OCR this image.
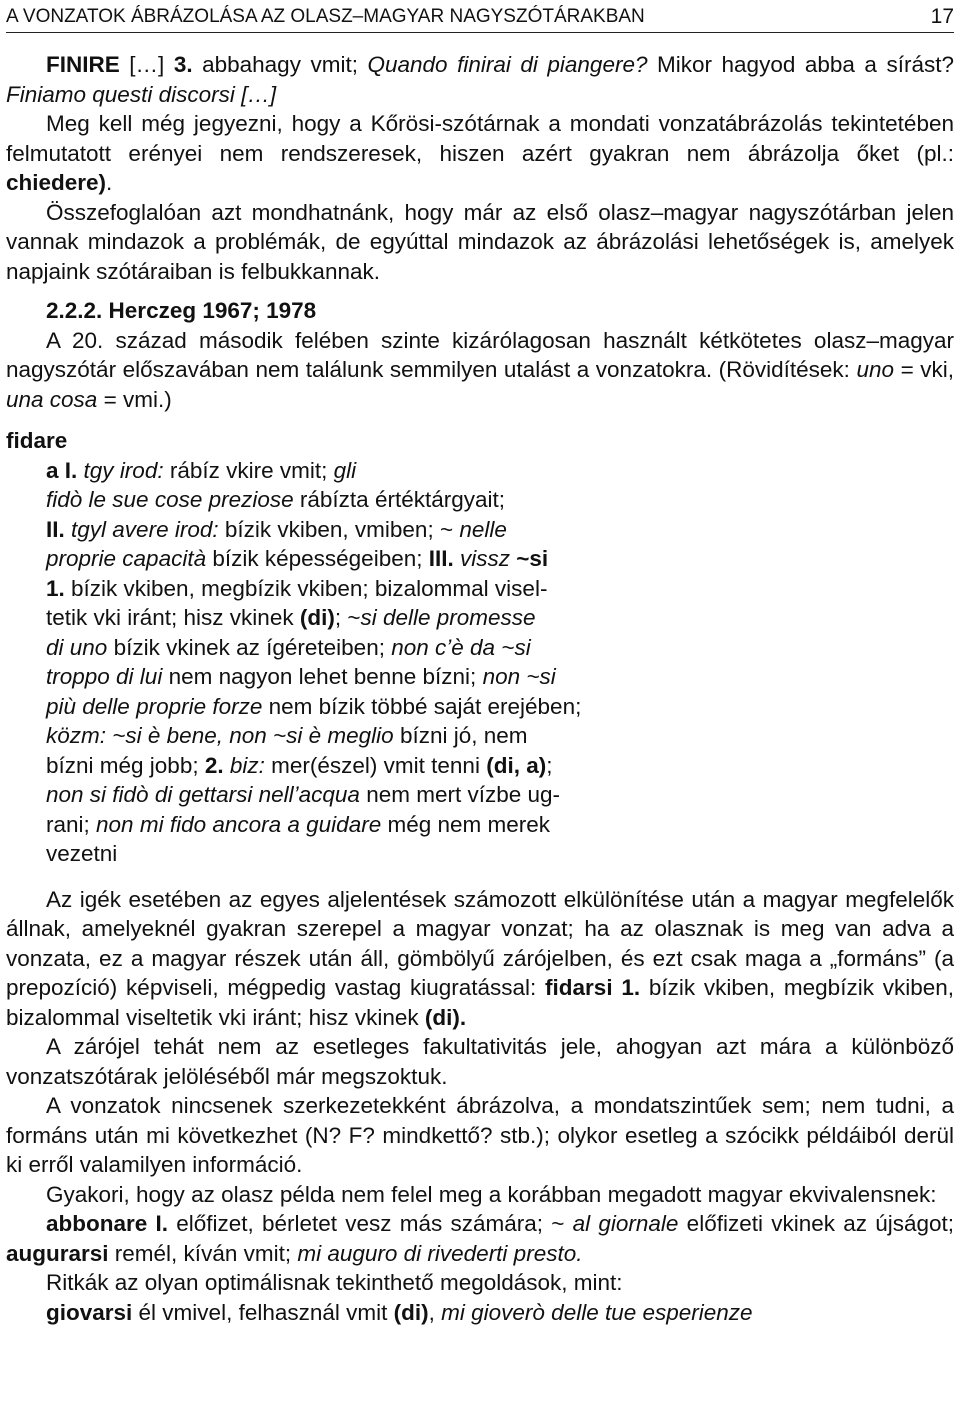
A VONZATOK ÁBRÁZOLÁSA AZ OLASZ–MAGYAR NAGYSZÓTÁRAKBAN	17

FINIRE […] 3. abbahagy vmit; Quando finirai di piangere? Mikor hagyod abba a sírást? Finiamo questi discorsi […]

Meg kell még jegyezni, hogy a Kőrösi-szótárnak a mondati vonzatábrázolás tekintetében felmutatott erényei nem rendszeresek, hiszen azért gyakran nem ábrázolja őket (pl.: chiedere).

Összefoglalóan azt mondhatnánk, hogy már az első olasz–magyar nagyszótárban jelen vannak mindazok a problémák, de egyúttal mindazok az ábrázolási lehetőségek is, amelyek napjaink szótáraiban is felbukkannak.

2.2.2. Herczeg 1967; 1978

A 20. század második felében szinte kizárólagosan használt kétkötetes olasz–magyar nagyszótár előszavában nem találunk semmilyen utalást a vonzatokra. (Rövidítések: uno = vki, una cosa = vmi.)

fidare

a I. tgy irod: rábíz vkire vmit; gli

fidò le sue cose preziose rábízta értéktárgyait;

II. tgyl avere irod: bízik vkiben, vmiben; ~ nelle

proprie capacità bízik képességeiben; III. vissz ~si

1. bízik vkiben, megbízik vkiben; bizalommal visel-

tetik vki iránt; hisz vkinek (di); ~si delle promesse

di uno bízik vkinek az ígéreteiben; non c’è da ~si

troppo di lui nem nagyon lehet benne bízni; non ~si

più delle proprie forze nem bízik többé saját erejében;

közm: ~si è bene, non ~si è meglio bízni jó, nem

bízni még jobb; 2. biz: mer(észel) vmit tenni (di, a);

non si fidò di gettarsi nell’acqua nem mert vízbe ug-

rani; non mi fido ancora a guidare még nem merek

vezetni

Az igék esetében az egyes aljelentések számozott elkülönítése után a magyar megfelelők állnak, amelyeknél gyakran szerepel a magyar vonzat; ha az olasznak is meg van adva a vonzata, ez a magyar részek után áll, gömbölyű zárójelben, és ezt csak maga a „formáns” (a prepozíció) képviseli, mégpedig vastag kiugratással: fidarsi 1. bízik vkiben, megbízik vkiben, bizalommal viseltetik vki iránt; hisz vkinek (di).

A zárójel tehát nem az esetleges fakultativitás jele, ahogyan azt mára a különböző vonzatszótárak jelöléséből már megszoktuk.

A vonzatok nincsenek szerkezetekként ábrázolva, a mondatszintűek sem; nem tudni, a formáns után mi következhet (N? F? mindkettő? stb.); olykor esetleg a szócikk példáiból derül ki erről valamilyen információ.

Gyakori, hogy az olasz példa nem felel meg a korábban megadott magyar ekvivalensnek:

abbonare I. előfizet, bérletet vesz más számára; ~ al giornale előfizeti vkinek az újságot; augurarsi remél, kíván vmit; mi auguro di rivederti presto.

Ritkák az olyan optimálisnak tekinthető megoldások, mint:

giovarsi él vmivel, felhasznál vmit (di), mi gioverò delle tue esperienze
